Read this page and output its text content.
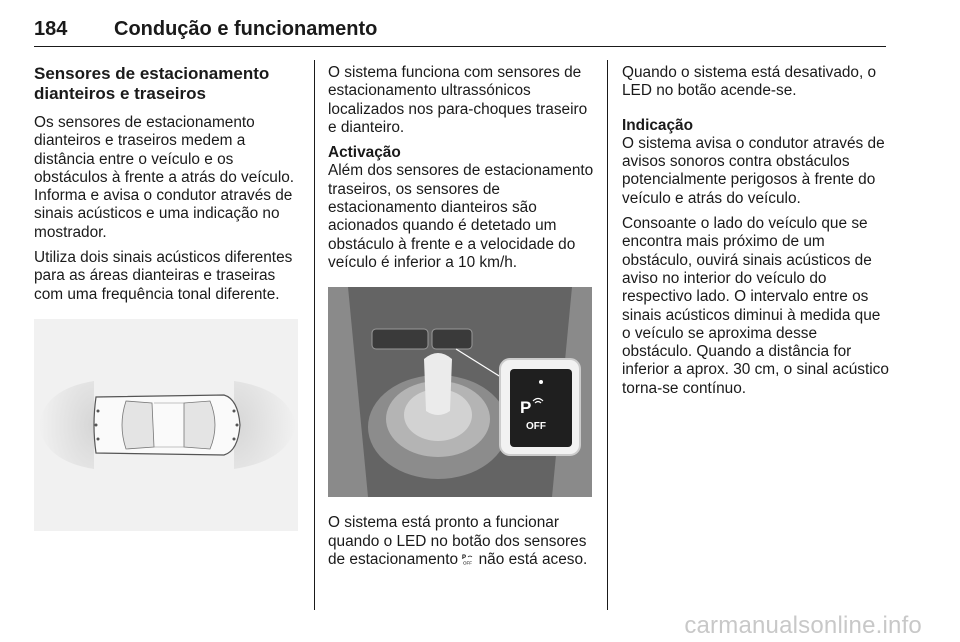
184 Condução e funcionamento
Sensores de estacionamento dianteiros e traseiros

Os sensores de estacionamento dianteiros e traseiros medem a distância entre o veículo e os obstáculos à frente a atrás do veículo. Informa e avisa o condutor através de sinais acústicos e uma indicação no mostrador.

Utiliza dois sinais acústicos diferentes para as áreas dianteiras e traseiras com uma frequência tonal diferente.

O sistema funciona com sensores de estacionamento ultrassónicos localizados nos para-choques traseiro e dianteiro.

Activação

Além dos sensores de estacionamento traseiros, os sensores de estacionamento dianteiros são acionados quando é detetado um obstáculo à frente e a velocidade do veículo é inferior a 10 km/h.

P
OFF

O sistema está pronto a funcionar quando o LED no botão dos sensores de estacionamento P
OFF não está aceso.

Quando o sistema está desativado, o LED no botão acende-se.

Indicação

O sistema avisa o condutor através de avisos sonoros contra obstáculos potencialmente perigosos à frente do veículo e atrás do veículo.

Consoante o lado do veículo que se encontra mais próximo de um obstáculo, ouvirá sinais acústicos de aviso no interior do veículo do respectivo lado. O intervalo entre os sinais acústicos diminui à medida que o veículo se aproxima desse obstáculo. Quando a distância for inferior a aprox. 30 cm, o sinal acústico torna-se contínuo.

carmanualsonline.info
